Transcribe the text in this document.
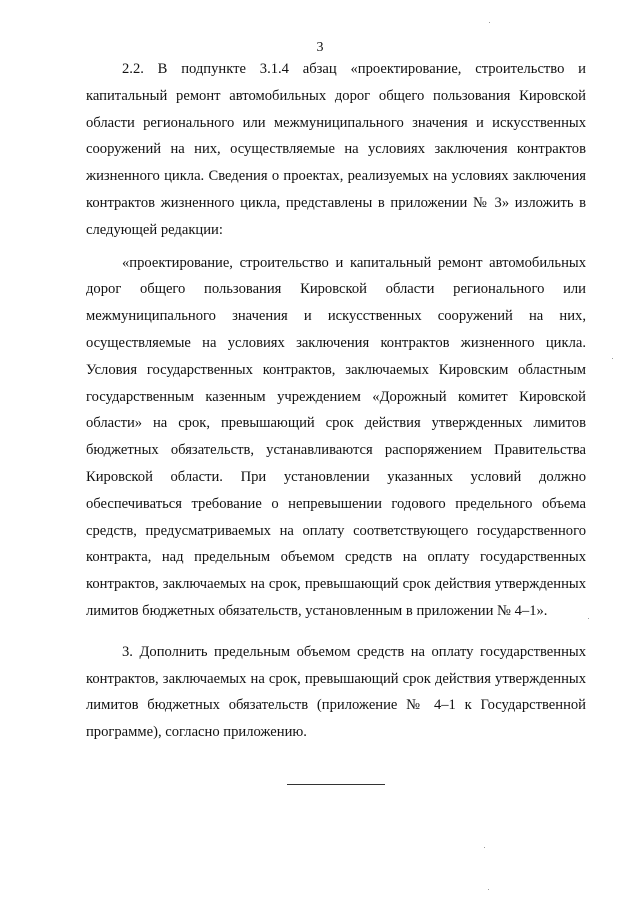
3

2.2. В подпункте 3.1.4 абзац «проектирование, строительство и капитальный ремонт автомобильных дорог общего пользования Кировской области регионального или межмуниципального значения и искусственных сооружений на них, осуществляемые на условиях заключения контрактов жизненного цикла. Сведения о проектах, реализуемых на условиях заключения контрактов жизненного цикла, представлены в приложении № 3» изложить в следующей редакции:

«проектирование, строительство и капитальный ремонт автомобильных дорог общего пользования Кировской области регионального или межмуниципального значения и искусственных сооружений на них, осуществляемые на условиях заключения контрактов жизненного цикла. Условия государственных контрактов, заключаемых Кировским областным государственным казенным учреждением «Дорожный комитет Кировской области» на срок, превышающий срок действия утвержденных лимитов бюджетных обязательств, устанавливаются распоряжением Правительства Кировской области. При установлении указанных условий должно обеспечиваться требование о непревышении годового предельного объема средств, предусматриваемых на оплату соответствующего государственного контракта, над предельным объемом средств на оплату государственных контрактов, заключаемых на срок, превышающий срок действия утвержденных лимитов бюджетных обязательств, установленным в приложении № 4–1».

3. Дополнить предельным объемом средств на оплату государственных контрактов, заключаемых на срок, превышающий срок действия утвержденных лимитов бюджетных обязательств (приложение № 4–1 к Государственной программе), согласно приложению.
